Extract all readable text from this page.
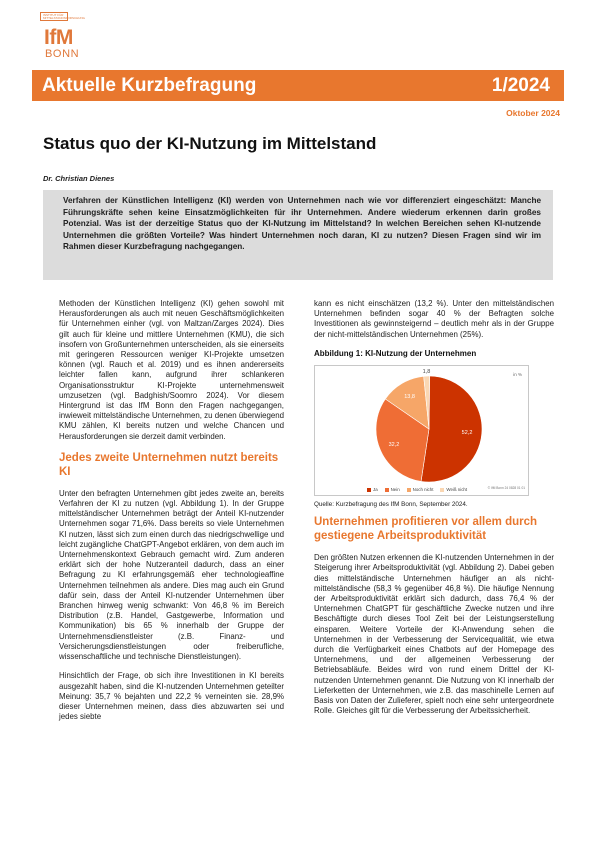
INSTITUT FÜR MITTELSTANDSFORSCHUNG
IfM
BONN
Aktuelle Kurzbefragung	1/2024
Oktober 2024
Status quo der KI-Nutzung im Mittelstand
Dr. Christian Dienes

Verfahren der Künstlichen Intelligenz (KI) werden von Unternehmen nach wie vor differenziert eingeschätzt: Manche Führungskräfte sehen keine Einsatzmöglichkeiten für ihr Unternehmen. Andere wiederum erkennen darin großes Potenzial. Was ist der derzeitige Status quo der KI-Nutzung im Mittelstand? In welchen Bereichen sehen KI-nutzende Unternehmen die größten Vorteile? Was hindert Unternehmen noch daran, KI zu nutzen? Diesen Fragen sind wir im Rahmen dieser Kurzbefragung nachgegangen.

Methoden der Künstlichen Intelligenz (KI) gehen sowohl mit Herausforderungen als auch mit neuen Geschäftsmöglichkeiten für Unternehmen einher (vgl. von Maltzan/Zarges 2024). Dies gilt auch für kleine und mittlere Unternehmen (KMU), die sich insofern von Großunternehmen unterscheiden, als sie einerseits mit geringeren Ressourcen weniger KI-Projekte umsetzen können (vgl. Rauch et al. 2019) und es ihnen andererseits leichter fallen kann, aufgrund ihrer schlankeren Organisationsstruktur KI-Projekte unternehmensweit umzusetzen (vgl. Badghish/Soomro 2024). Vor diesem Hintergrund ist das IfM Bonn den Fragen nachgegangen, inwieweit mittelständische Unternehmen, zu denen überwiegend KMU zählen, KI bereits nutzen und welche Chancen und Herausforderungen sie derzeit damit verbinden.

Jedes zweite Unternehmen nutzt bereits KI

Unter den befragten Unternehmen gibt jedes zweite an, bereits Verfahren der KI zu nutzen (vgl. Abbildung 1). In der Gruppe mittelständischer Unternehmen beträgt der Anteil KI-nutzender Unternehmen sogar 71,6%. Dass bereits so viele Unternehmen KI nutzen, lässt sich zum einen durch das niedrigschwellige und leicht zugängliche ChatGPT-Angebot erklären, von dem auch im Unternehmenskontext Gebrauch gemacht wird. Zum anderen erklärt sich der hohe Nutzeranteil dadurch, dass an einer Befragung zu KI erfahrungsgemäß eher technologieaffine Unternehmen teilnehmen als andere. Dies mag auch ein Grund dafür sein, dass der Anteil KI-nutzender Unternehmen über Branchen hinweg wenig schwankt: Von 46,8 % im Bereich Distribution (z.B. Handel, Gastgewerbe, Information und Kommunikation) bis 65 % innerhalb der Gruppe der Unternehmensdienstleister (z.B. Finanz- und Versicherungsdienstleistungen oder freiberufliche, wissenschaftliche und technische Dienstleistungen).

Hinsichtlich der Frage, ob sich ihre Investitionen in KI bereits ausgezahlt haben, sind die KI-nutzenden Unternehmen geteilter Meinung: 35,7 % bejahten und 22,2 % verneinten sie. 28,9% dieser Unternehmen meinen, dass dies abzuwarten sei und jedes siebte

kann es nicht einschätzen (13,2 %). Unter den mittelständischen Unternehmen befinden sogar 40 % der Befragten solche Investitionen als gewinnsteigernd – deutlich mehr als in der Gruppe der nicht-mittelständischen Unternehmen (25%).

Abbildung 1: KI-Nutzung der Unternehmen
in %
52,2
32,2
13,8
1,8
Ja	Nein	Noch nicht	Weiß nicht	© IfM Bonn 24 0828 01 01
Quelle: Kurzbefragung des IfM Bonn, September 2024.
Unternehmen profitieren vor allem durch gestiegene Arbeitsproduktivität

Den größten Nutzen erkennen die KI-nutzenden Unternehmen in der Steigerung ihrer Arbeitsproduktivität (vgl. Abbildung 2). Dabei geben dies mittelständische Unternehmen häufiger an als nicht-mittelständische (58,3 % gegenüber 46,8 %). Die häufige Nennung der Arbeitsproduktivität erklärt sich dadurch, dass 76,4 % der Unternehmen ChatGPT für geschäftliche Zwecke nutzen und ihre Beschäftigte durch dieses Tool Zeit bei der Leistungserstellung einsparen. Weitere Vorteile der KI-Anwendung sehen die Unternehmen in der Verbesserung der Servicequalität, wie etwa durch die Verfügbarkeit eines Chatbots auf der Homepage des Unternehmens, und der allgemeinen Verbesserung der Betriebsabläufe. Beides wird von rund einem Drittel der KI-nutzenden Unternehmen genannt. Die Nutzung von KI innerhalb der Lieferketten der Unternehmen, wie z.B. das maschinelle Lernen auf Basis von Daten der Zulieferer, spielt noch eine sehr untergeordnete Rolle. Gleiches gilt für die Verbesserung der Arbeitssicherheit.
